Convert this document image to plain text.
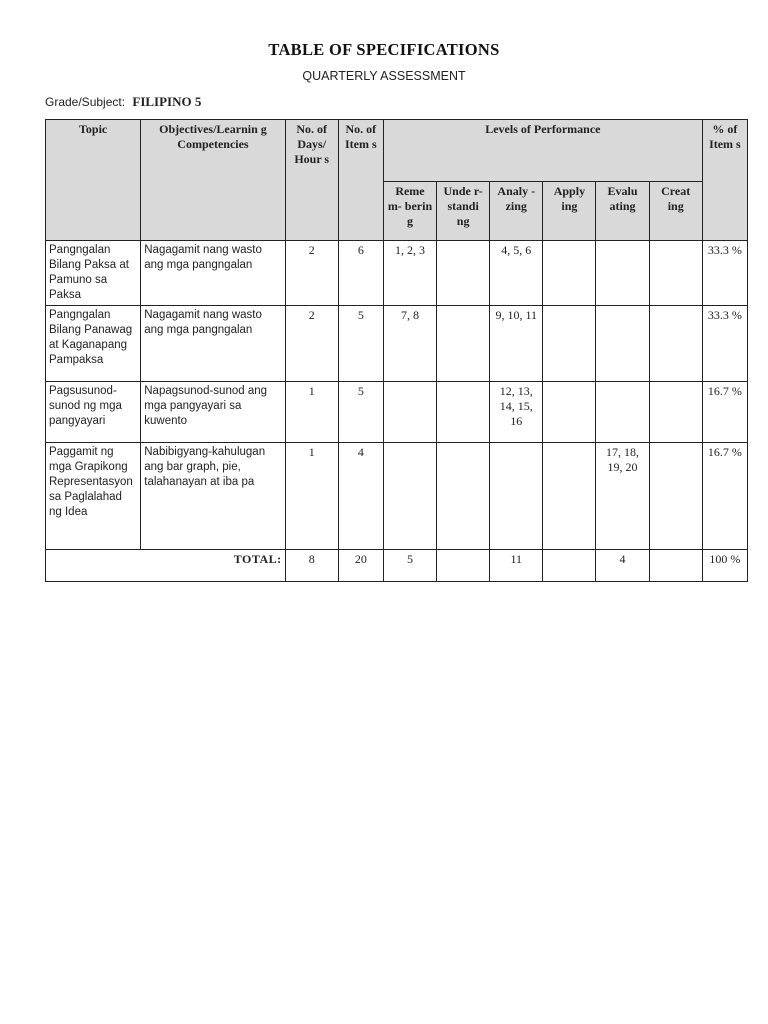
TABLE OF SPECIFICATIONS
QUARTERLY ASSESSMENT
Grade/Subject: FILIPINO 5
Topic	Objectives/Learnin g Competencies	No. of Days/ Hour s	No. of Item s	Levels of Performance						% of Item s
				Reme m- berin g	Unde r- standi ng	Analy -zing	Apply ing	Evalu ating	Creat ing	
Pangngalan Bilang Paksa at Pamuno sa Paksa	Nagagamit nang wasto ang mga pangngalan	2	6	1, 2, 3		4, 5, 6				33.3 %
Pangngalan Bilang Panawag at Kaganapang Pampaksa	Nagagamit nang wasto ang mga pangngalan	2	5	7, 8		9, 10, 11				33.3 %
Pagsusunod-sunod ng mga pangyayari	Napagsunod-sunod ang mga pangyayari sa kuwento	1	5			12, 13, 14, 15, 16				16.7 %
Paggamit ng mga Grapikong Representasyon sa Paglalahad ng Idea	Nabibigyang-kahulugan ang bar graph, pie, talahanayan at iba pa	1	4					17, 18, 19, 20		16.7 %
TOTAL:		8	20	5		11		4		100 %
